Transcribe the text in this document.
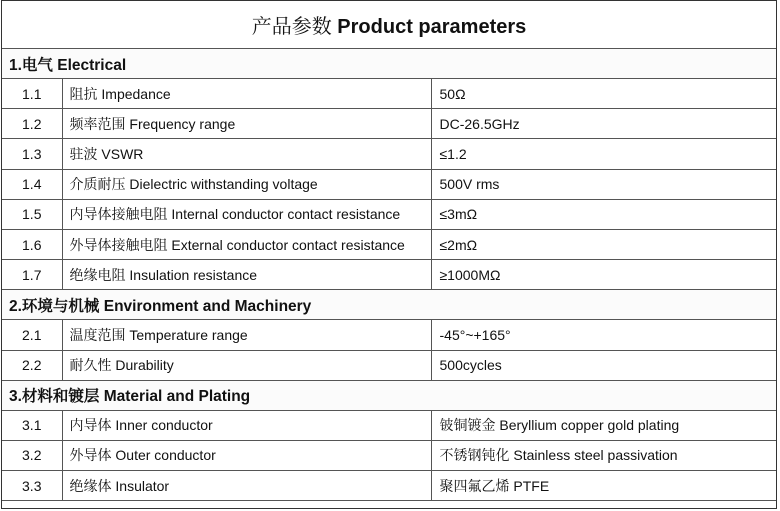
产品参数 Product parameters		
1.电气 Electrical		
1.1	阻抗 Impedance	50Ω
1.2	频率范围 Frequency range	DC-26.5GHz
1.3	驻波 VSWR	≤1.2
1.4	介质耐压 Dielectric withstanding voltage	500V rms
1.5	内导体接触电阻 Internal conductor contact resistance	≤3mΩ
1.6	外导体接触电阻 External conductor contact resistance	≤2mΩ
1.7	绝缘电阻 Insulation resistance	≥1000MΩ
2.环境与机械 Environment and Machinery		
2.1	温度范围 Temperature range	-45°~+165°
2.2	耐久性 Durability	500cycles
3.材料和镀层 Material and Plating		
3.1	内导体 Inner conductor	铍铜镀金 Beryllium copper gold plating
3.2	外导体 Outer conductor	不锈钢钝化 Stainless steel passivation
3.3	绝缘体 Insulator	聚四氟乙烯 PTFE
